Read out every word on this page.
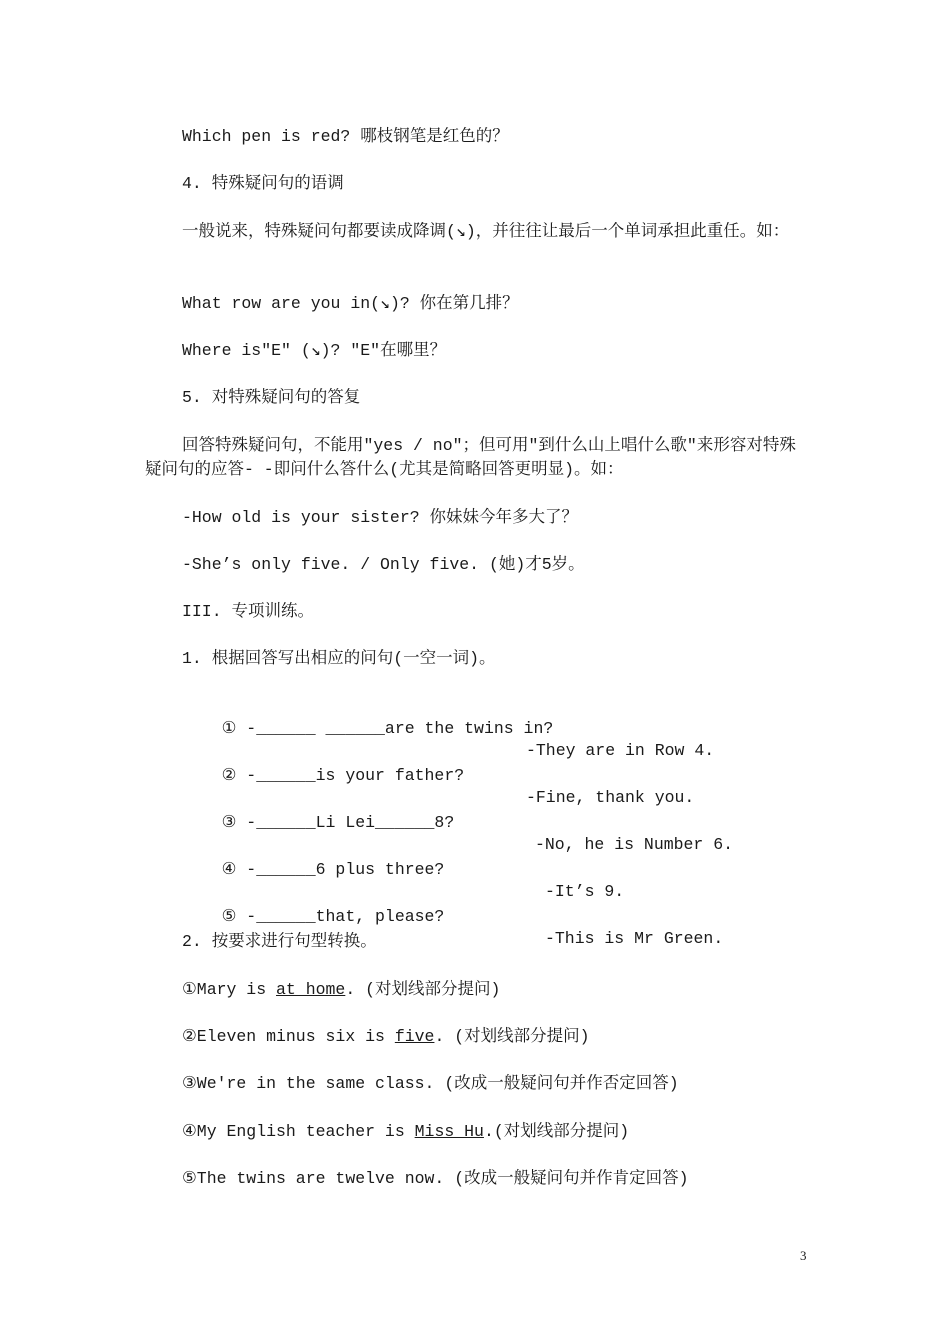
Which pen is red? 哪枝钢笔是红色的？
4. 特殊疑问句的语调
一般说来，特殊疑问句都要读成降调(↘)，并往往让最后一个单词承担此重任。如：
What row are you in(↘)? 你在第几排？
Where is"E" (↘)? "E"在哪里？
5. 对特殊疑问句的答复
回答特殊疑问句，不能用"yes / no"；但可用"到什么山上唱什么歌"来形容对特殊疑问句的应答- -即问什么答什么(尤其是简略回答更明显)。如：
-How old is your sister? 你妹妹今年多大了？
-She’s only five. / Only five. (她)才5岁。
III. 专项训练。
1. 根据回答写出相应的问句(一空一词)。

① -______ ______are the twins in?

-They are in Row 4.

② -______is your father?

-Fine, thank you.

③ -______Li Lei______8?

-No, he is Number 6.

④ -______6 plus three?

-It’s 9.

⑤ -______that, please?

-This is Mr Green.

2. 按要求进行句型转换。
①Mary is at home. (对划线部分提问)
②Eleven minus six is five. (对划线部分提问)
③We're in the same class. (改成一般疑问句并作否定回答)
④My English teacher is Miss Hu.(对划线部分提问)
⑤The twins are twelve now. (改成一般疑问句并作肯定回答)
3
